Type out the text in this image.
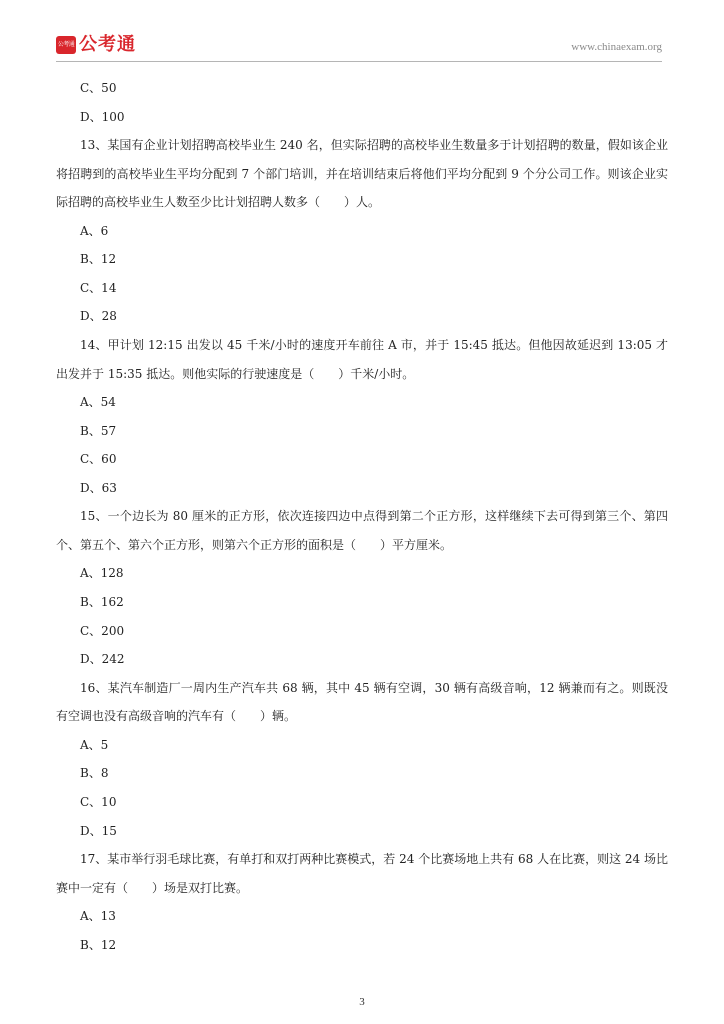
公考通 公考通	www.chinaexam.org
C、50
D、100

13、某国有企业计划招聘高校毕业生 240 名，但实际招聘的高校毕业生数量多于计划招聘的数量，假如该企业将招聘到的高校毕业生平均分配到 7 个部门培训，并在培训结束后将他们平均分配到 9 个分公司工作。则该企业实际招聘的高校毕业生人数至少比计划招聘人数多（　　）人。

A、6
B、12
C、14
D、28

14、甲计划 12:15 出发以 45 千米/小时的速度开车前往 A 市，并于 15:45 抵达。但他因故延迟到 13:05 才出发并于 15:35 抵达。则他实际的行驶速度是（　　）千米/小时。

A、54
B、57
C、60
D、63

15、一个边长为 80 厘米的正方形，依次连接四边中点得到第二个正方形，这样继续下去可得到第三个、第四个、第五个、第六个正方形，则第六个正方形的面积是（　　）平方厘米。

A、128
B、162
C、200
D、242

16、某汽车制造厂一周内生产汽车共 68 辆，其中 45 辆有空调，30 辆有高级音响，12 辆兼而有之。则既没有空调也没有高级音响的汽车有（　　）辆。

A、5
B、8
C、10
D、15

17、某市举行羽毛球比赛，有单打和双打两种比赛模式，若 24 个比赛场地上共有 68 人在比赛，则这 24 场比赛中一定有（　　）场是双打比赛。

A、13
B、12
3
